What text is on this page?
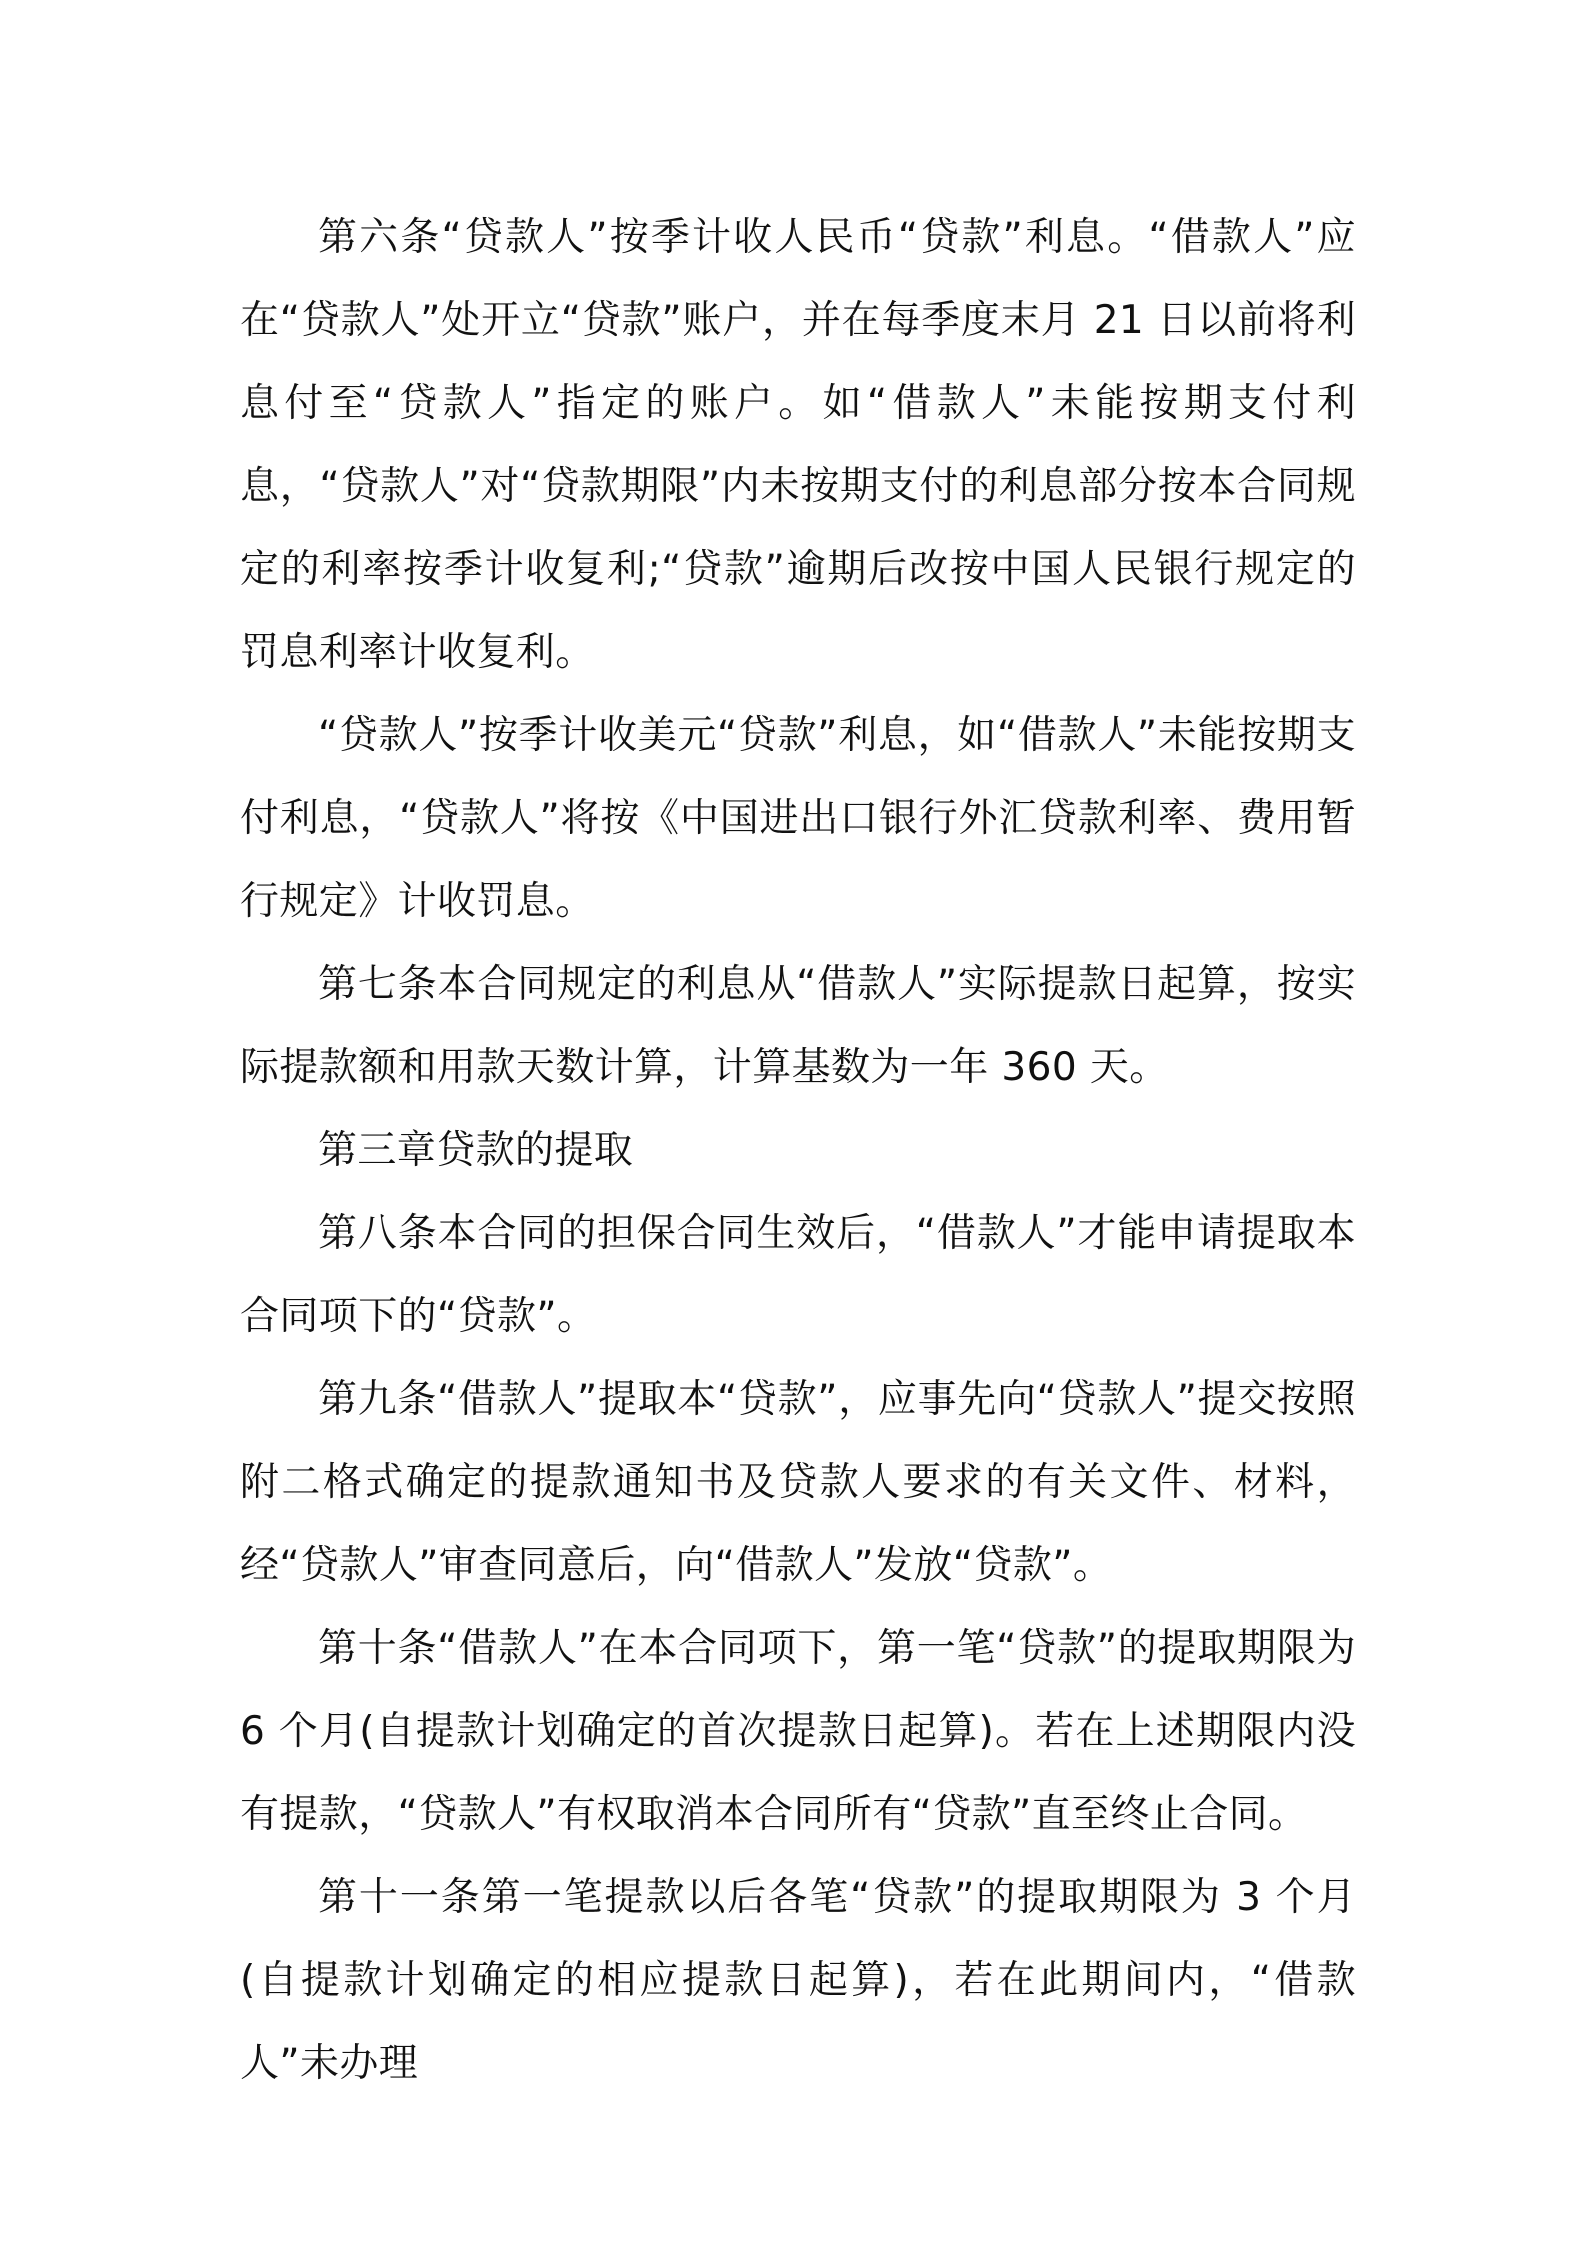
第六条“贷款人”按季计收人民币“贷款”利息。“借款人”应在“贷款人”处开立“贷款”账户，并在每季度末月 21 日以前将利息付至“贷款人”指定的账户。如“借款人”未能按期支付利息，“贷款人”对“贷款期限”内未按期支付的利息部分按本合同规定的利率按季计收复利;“贷款”逾期后改按中国人民银行规定的罚息利率计收复利。

“贷款人”按季计收美元“贷款”利息，如“借款人”未能按期支付利息，“贷款人”将按《中国进出口银行外汇贷款利率、费用暂行规定》计收罚息。

第七条本合同规定的利息从“借款人”实际提款日起算，按实际提款额和用款天数计算，计算基数为一年 360 天。

第三章贷款的提取

第八条本合同的担保合同生效后，“借款人”才能申请提取本合同项下的“贷款”。

第九条“借款人”提取本“贷款”，应事先向“贷款人”提交按照附二格式确定的提款通知书及贷款人要求的有关文件、材料，经“贷款人”审查同意后，向“借款人”发放“贷款”。

第十条“借款人”在本合同项下，第一笔“贷款”的提取期限为 6 个月(自提款计划确定的首次提款日起算)。若在上述期限内没有提款，“贷款人”有权取消本合同所有“贷款”直至终止合同。

第十一条第一笔提款以后各笔“贷款”的提取期限为 3 个月(自提款计划确定的相应提款日起算)，若在此期间内，“借款人”未办理
